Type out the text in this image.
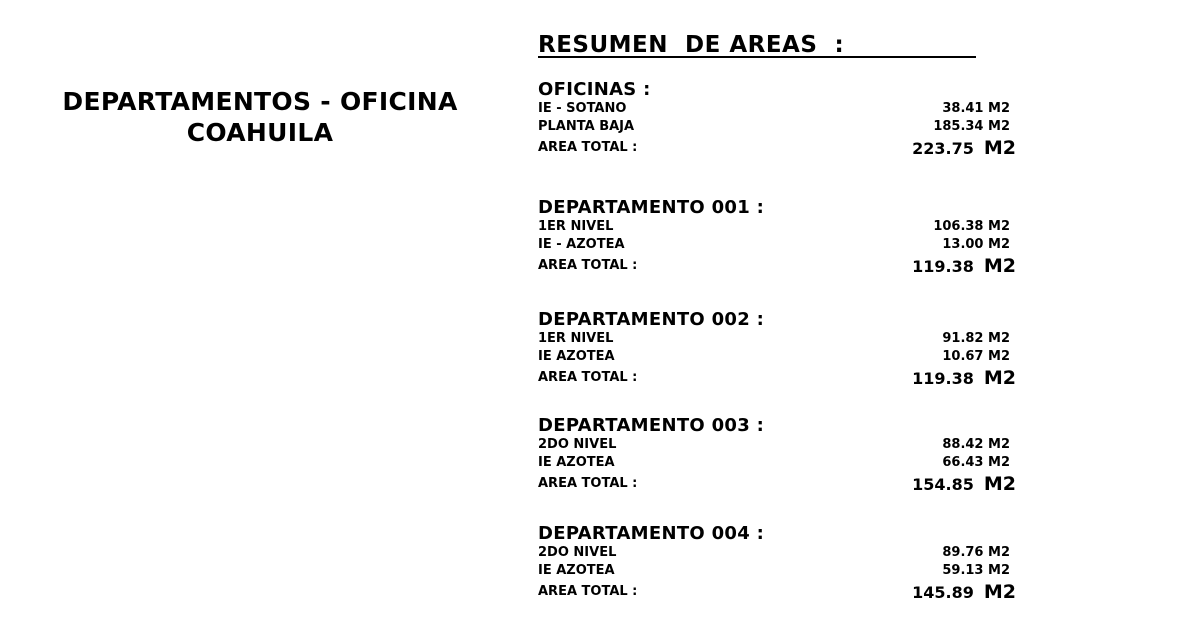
DEPARTAMENTOS - OFICINA
COAHUILA
RESUMEN  DE AREAS  :
OFICINAS :
IE - SOTANO	38.41 M2
PLANTA BAJA	185.34 M2
AREA TOTAL :	223.75 M2
DEPARTAMENTO 001 :
1ER NIVEL	106.38 M2
IE - AZOTEA	13.00 M2
AREA TOTAL :	119.38 M2
DEPARTAMENTO 002 :
1ER NIVEL	91.82 M2
IE AZOTEA	10.67 M2
AREA TOTAL :	119.38 M2
DEPARTAMENTO 003 :
2DO NIVEL	88.42 M2
IE AZOTEA	66.43 M2
AREA TOTAL :	154.85 M2
DEPARTAMENTO 004 :
2DO NIVEL	89.76 M2
IE AZOTEA	59.13 M2
AREA TOTAL :	145.89 M2
